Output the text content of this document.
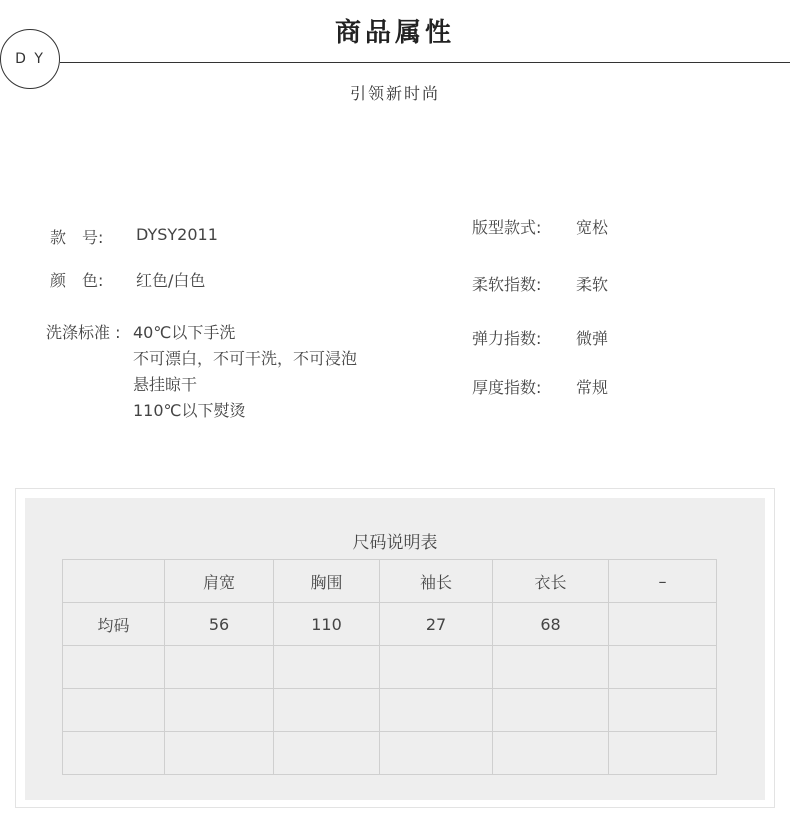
商品属性
D Y
引领新时尚
款　号: DYSY2011
颜　色: 红色/白色
洗涤标准 : 40℃以下手洗
不可漂白，不可干洗，不可浸泡
悬挂晾干
110℃以下熨烫
版型款式: 宽松
柔软指数: 柔软
弹力指数: 微弹
厚度指数: 常规
尺码说明表
	肩宽	胸围	袖长	衣长	–
均码	56	110	27	68	
